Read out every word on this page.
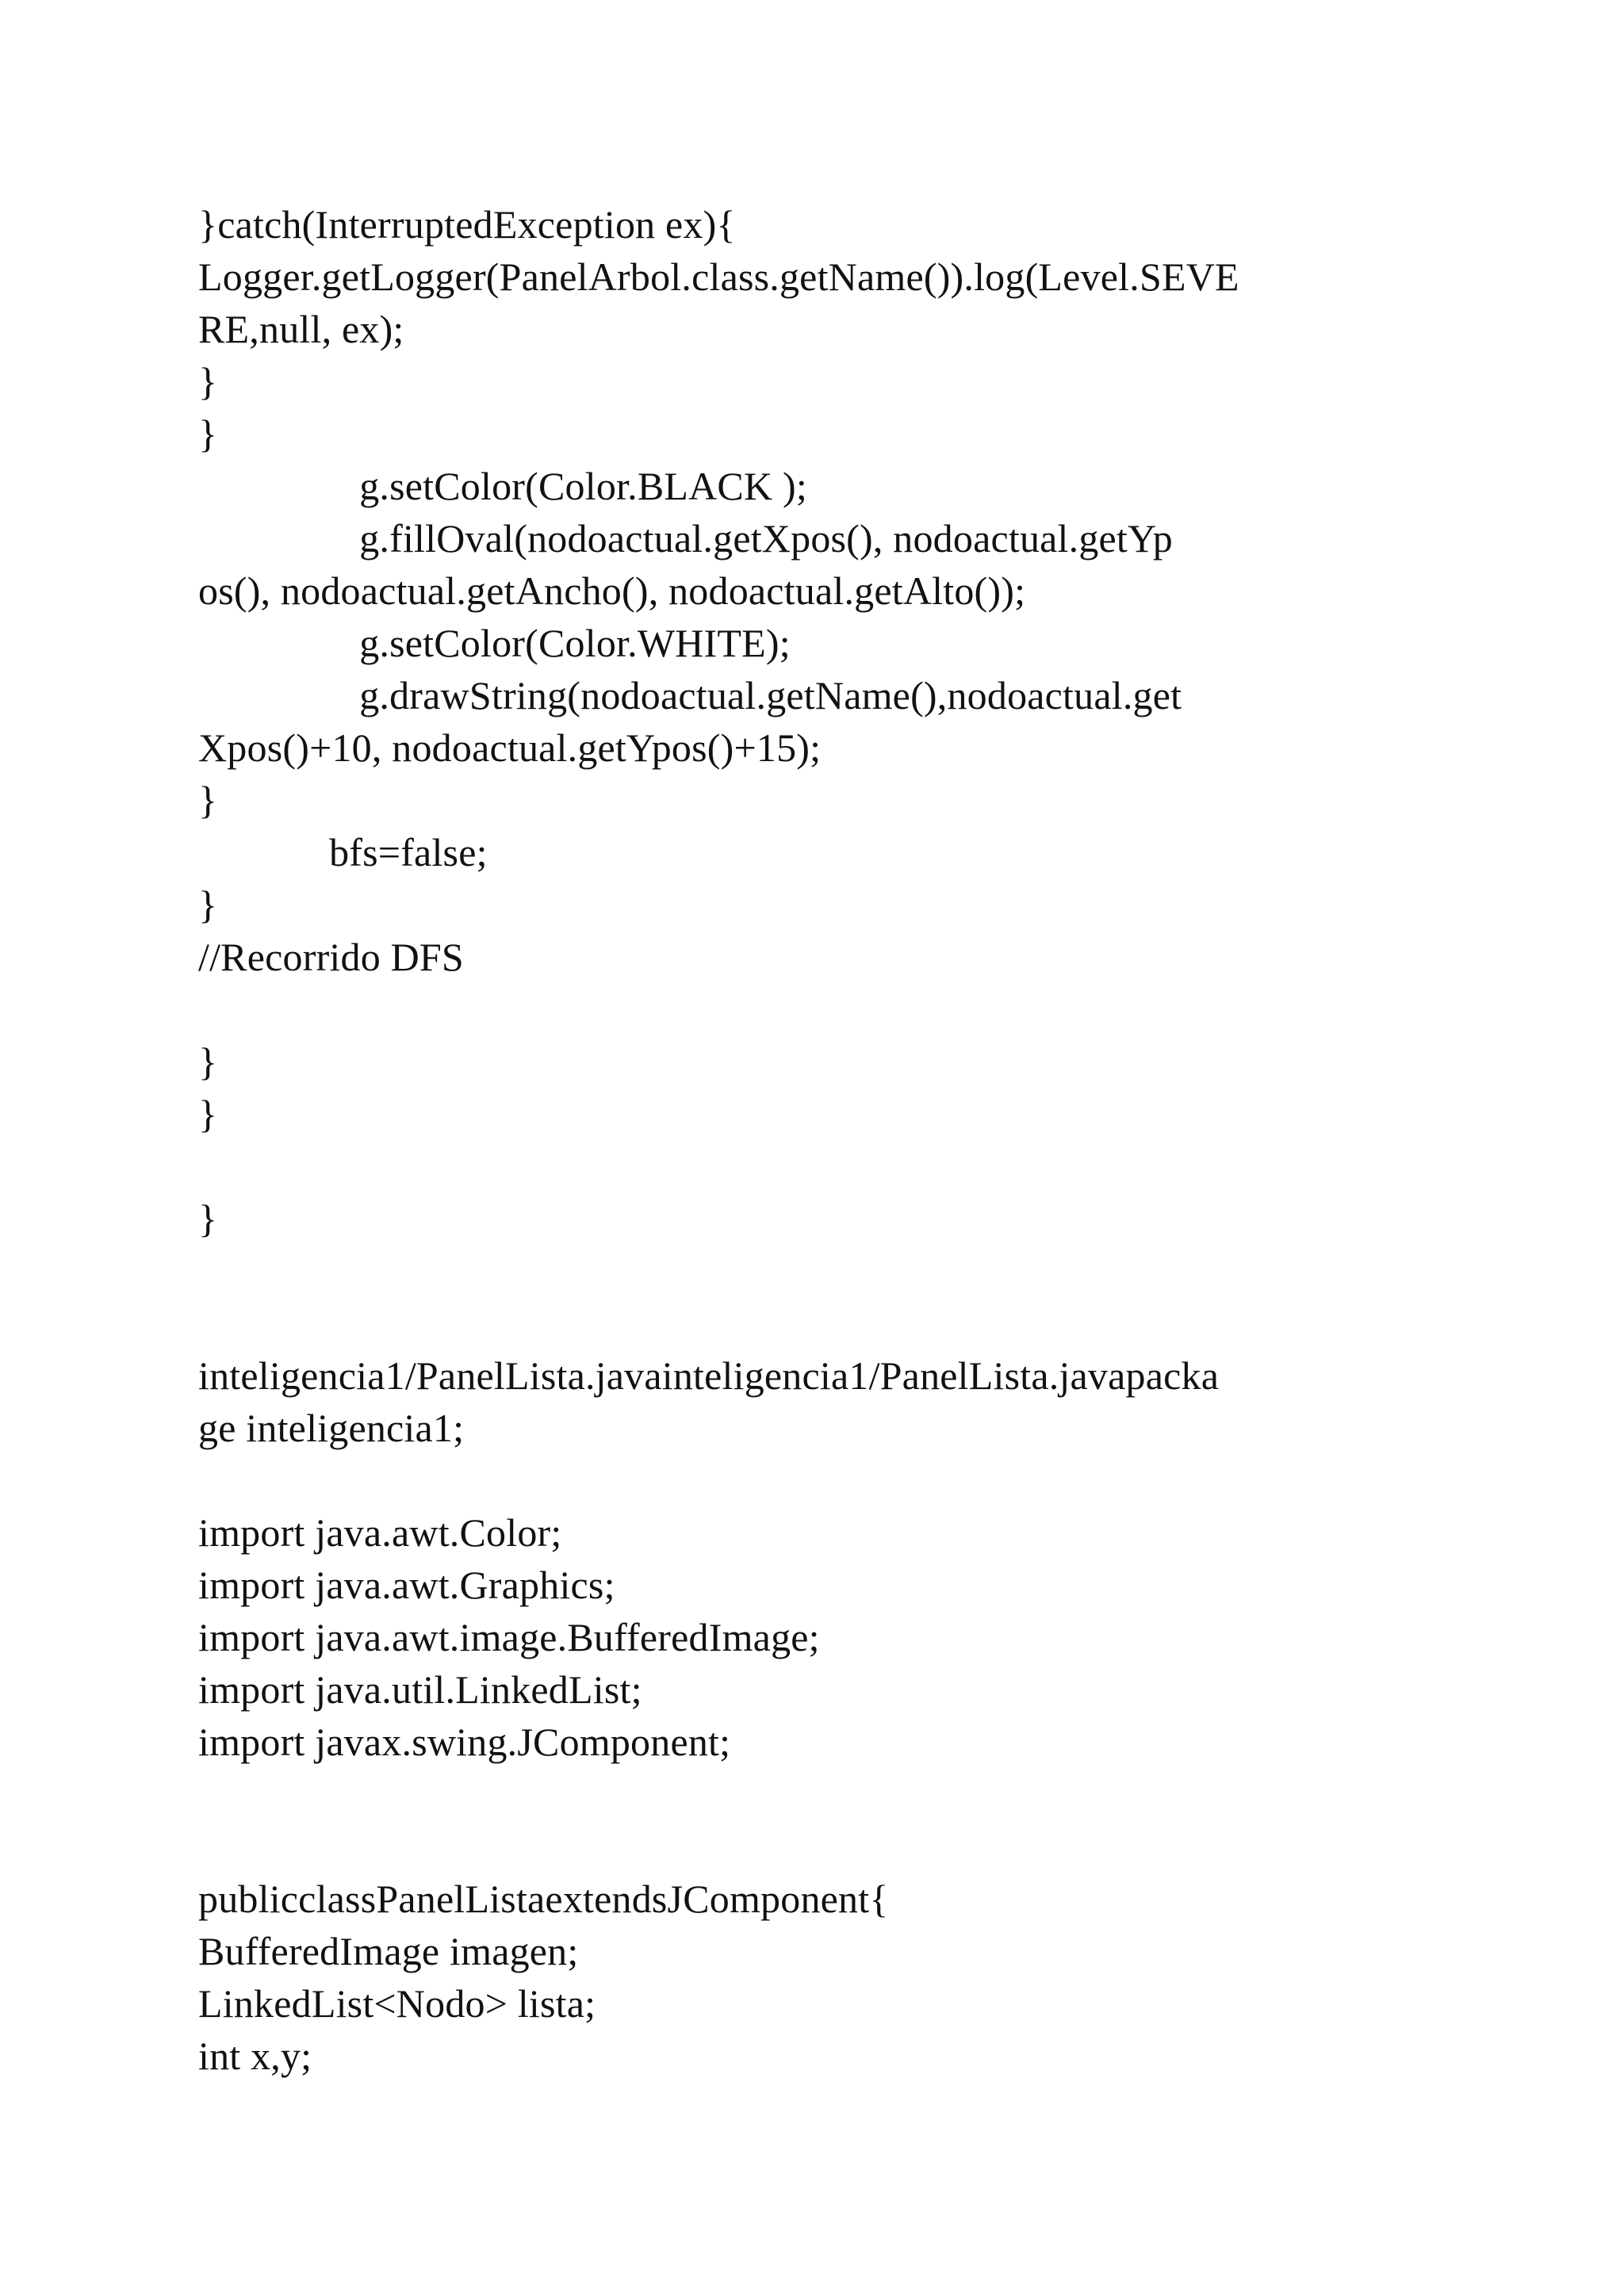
}catch(InterruptedException ex){

Logger.getLogger(PanelArbol.class.getName()).log(Level.SEVE

RE,null, ex);

}

}

g.setColor(Color.BLACK );

g.fillOval(nodoactual.getXpos(), nodoactual.getYp

os(), nodoactual.getAncho(), nodoactual.getAlto());

g.setColor(Color.WHITE);

g.drawString(nodoactual.getName(),nodoactual.get

Xpos()+10, nodoactual.getYpos()+15);

}

bfs=false;

}

//Recorrido DFS

}

}

}

inteligencia1/PanelLista.javainteligencia1/PanelLista.javapacka

ge inteligencia1;

import java.awt.Color;

import java.awt.Graphics;

import java.awt.image.BufferedImage;

import java.util.LinkedList;

import javax.swing.JComponent;

publicclassPanelListaextendsJComponent{

BufferedImage imagen;

LinkedList<Nodo> lista;

int x,y;
